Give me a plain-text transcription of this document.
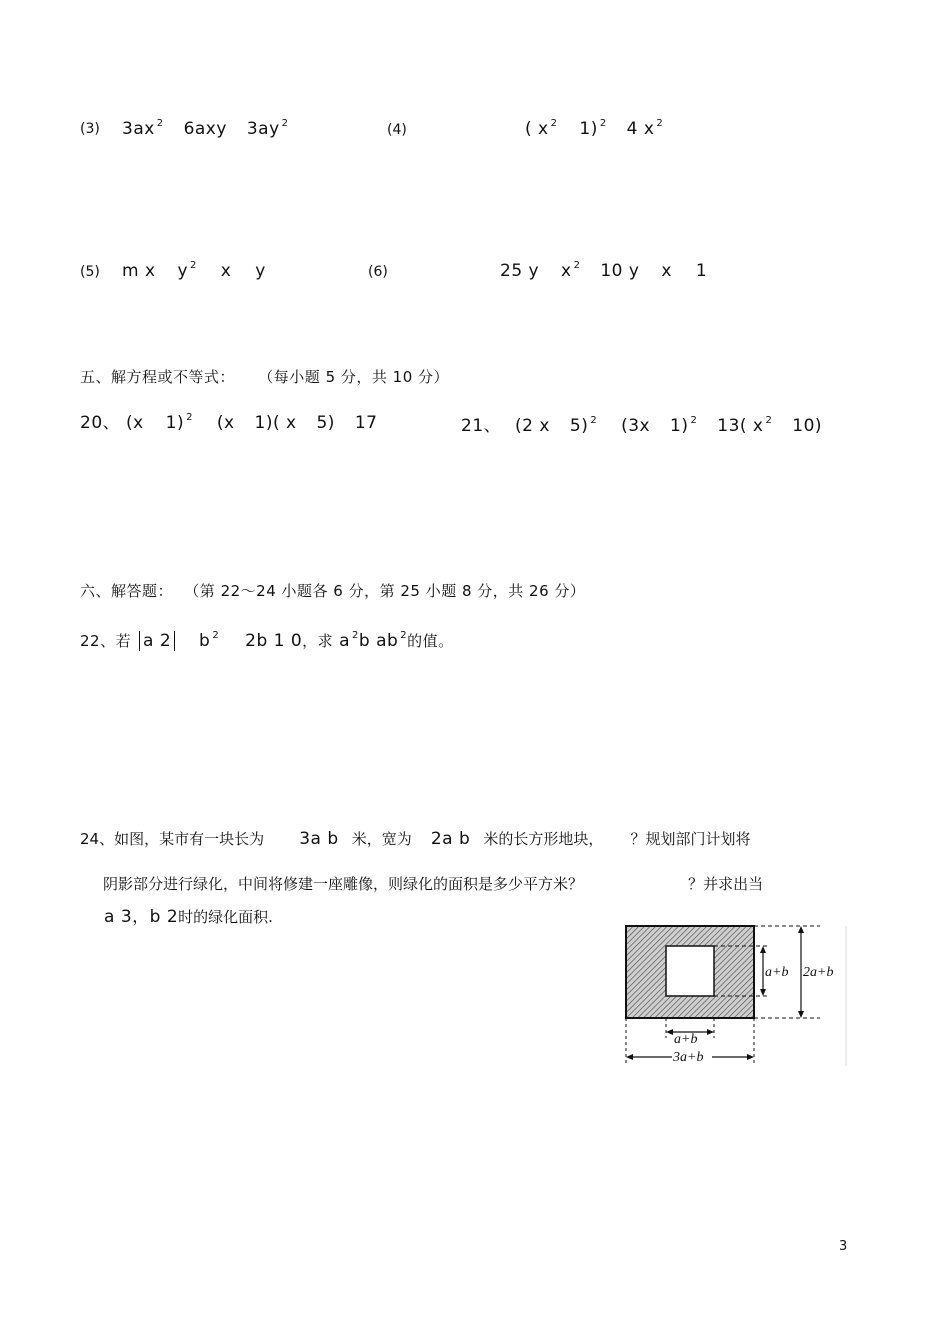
(3) 3ax $^2$ 6axy 3ay $^2$	(4)	( x $^2$ 1) $^2$ 4 x $^2$
(5) m x y $^2$ x y	(6)	25 y x $^2$ 10 y x 1
五、解方程或不等式： （每小题 5 分，共 10 分）
20、 (x 1) $^2$ (x 1)( x 5) 17	21、 (2 x 5) $^2$ (3x 1) $^2$ 13( x $^2$ 10)
六、解答题： （第 22～24 小题各 6 分，第 25 小题 8 分，共 26 分）
22、若 a 2 b $^2$ 2b 1 0，求 a $^2$b ab $^2$的值。
24、如图，某市有一块长为 3a b 米，宽为 2a b 米的长方形地块， ？规划部门计划将
阴影部分进行绿化，中间将修建一座雕像，则绿化的面积是多少平方米？	？并求出当
a 3，b 2时的绿化面积.
a+b 2a+b
a+b
3a+b
3
